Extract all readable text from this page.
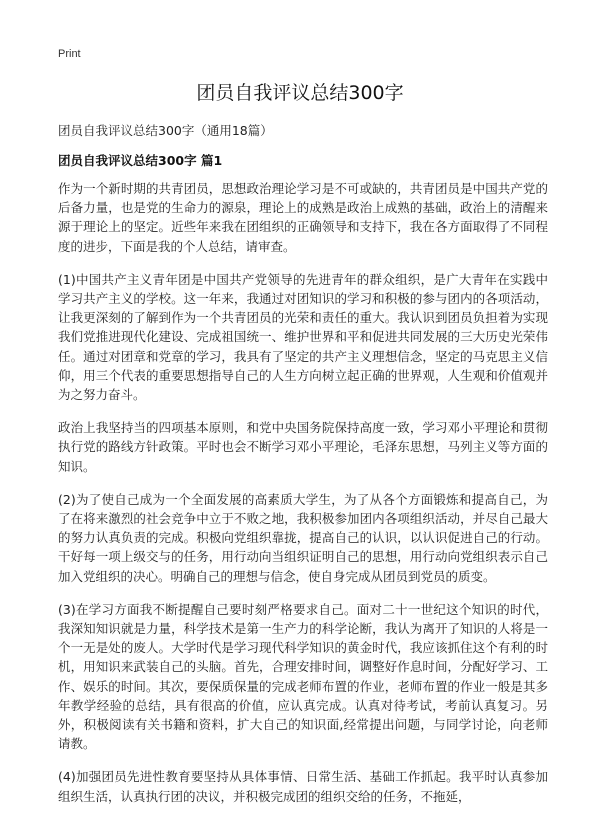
Print
团员自我评议总结300字
团员自我评议总结300字（通用18篇）
团员自我评议总结300字 篇1

作为一个新时期的共青团员，思想政治理论学习是不可或缺的，共青团员是中国共产党的后备力量，也是党的生命力的源泉，理论上的成熟是政治上成熟的基础，政治上的清醒来源于理论上的坚定。近些年来我在团组织的正确领导和支持下，我在各方面取得了不同程度的进步，下面是我的个人总结，请审查。

(1)中国共产主义青年团是中国共产党领导的先进青年的群众组织，是广大青年在实践中学习共产主义的学校。这一年来，我通过对团知识的学习和积极的参与团内的各项活动，让我更深刻的了解到作为一个共青团员的光荣和责任的重大。我认识到团员负担着为实现我们党推进现代化建设、完成祖国统一、维护世界和平和促进共同发展的三大历史光荣伟任。通过对团章和党章的学习，我具有了坚定的共产主义理想信念，坚定的马克思主义信仰，用三个代表的重要思想指导自己的人生方向树立起正确的世界观，人生观和价值观并为之努力奋斗。

政治上我坚持当的四项基本原则，和党中央国务院保持高度一致，学习邓小平理论和贯彻执行党的路线方针政策。平时也会不断学习邓小平理论，毛泽东思想，马列主义等方面的知识。

(2)为了使自己成为一个全面发展的高素质大学生，为了从各个方面锻炼和提高自己，为了在将来激烈的社会竞争中立于不败之地，我积极参加团内各项组织活动，并尽自己最大的努力认真负责的完成。积极向党组织靠拢，提高自己的认识，以认识促进自己的行动。干好每一项上级交与的任务，用行动向当组织证明自己的思想，用行动向党组织表示自己加入党组织的决心。明确自己的理想与信念，使自身完成从团员到党员的质变。

(3)在学习方面我不断提醒自己要时刻严格要求自己。面对二十一世纪这个知识的时代，我深知知识就是力量，科学技术是第一生产力的科学论断，我认为离开了知识的人将是一个一无是处的废人。大学时代是学习现代科学知识的黄金时代，我应该抓住这个有利的时机，用知识来武装自己的头脑。首先，合理安排时间，调整好作息时间，分配好学习、工作、娱乐的时间。其次，要保质保量的完成老师布置的作业，老师布置的作业一般是其多年教学经验的总结，具有很高的价值，应认真完成。认真对待考试，考前认真复习。另外，积极阅读有关书籍和资料，扩大自己的知识面,经常提出问题，与同学讨论，向老师请教。

(4)加强团员先进性教育要坚持从具体事情、日常生活、基础工作抓起。我平时认真参加组织生活，认真执行团的决议，并积极完成团的组织交给的任务，不拖延，
